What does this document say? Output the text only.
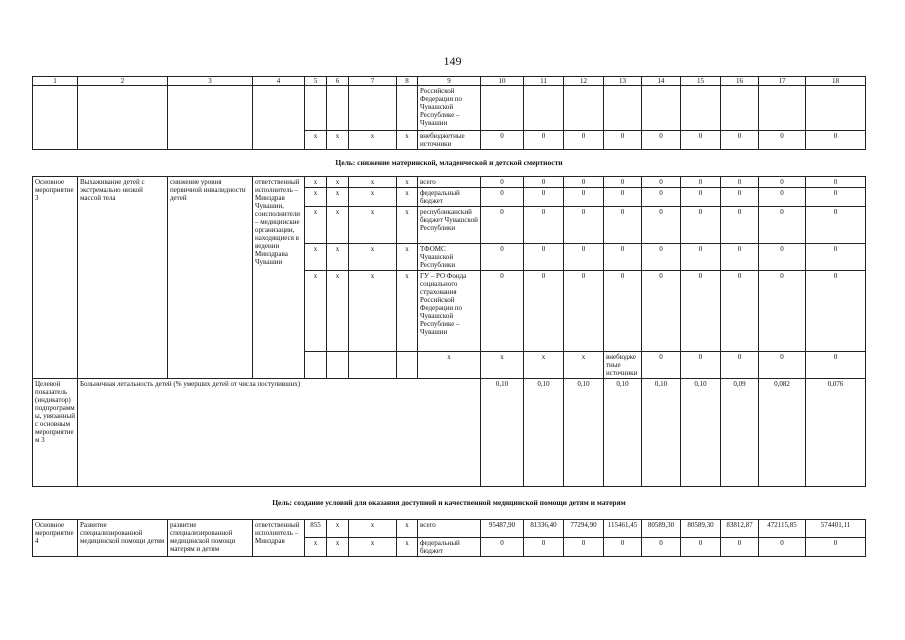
149
1	2	3	4	5	6	7	8	9	10	11	12	13	14	15	16	17	18	
								Российской Федерации по Чувашской Республике – Чувашии										
				x	x	x	x	внебюджетные источники	0	0	0	0	0	0	0	0	0	
Цель: снижение материнской, младенческой и детской смертности																		
Основное мероприятие 3	Выхаживание детей с экстремально низкой массой тела	снижение уровня первичной инвалидности детей	ответственный исполнитель – Минздрав Чувашии, соисполнители – медицинские организации, находящиеся в ведении Минздрава Чувашии	x	x	x	x	всего	0	0	0	0	0	0	0	0	0	
				x	x	x	x	федеральный бюджет	0	0	0	0	0	0	0	0	0	
				x	x	x	x	республиканский бюджет Чувашской Республики	0	0	0	0	0	0	0	0	0	
				x	x	x	x	ТФОМС Чувашской Республики	0	0	0	0	0	0	0	0	0	
				x	x	x	x	ГУ – РО Фонда социального страхования Российской Федерации по Чувашской Республике – Чувашии	0	0	0	0	0	0	0	0	0	
								x	x	x	x	внебюджетные источники	0	0	0	0	0				
Целевой показатель (индикатор) подпрограммы, увязанный с основным мероприятием 3	Больничная летальность детей (% умерших детей от числа поступивших)								0,10	0,10	0,10	0,10	0,10	0,10	0,09	0,082	0,076	
Цель: создание условий для оказания доступной и качественной медицинской помощи детям и матерям																		
Основное мероприятие 4	Развитие специализированной медицинской помощи детям	развитие специализированной медицинской помощи матерям и детям	ответственный исполнитель – Минздрав	855	x	x	x	всего	95487,90	81336,40	77294,90	115461,45	80589,30	80589,30	83812,87	472115,85	574401,11	
				x	x	x	x	федеральный бюджет	0	0	0	0	0	0	0	0	0	
